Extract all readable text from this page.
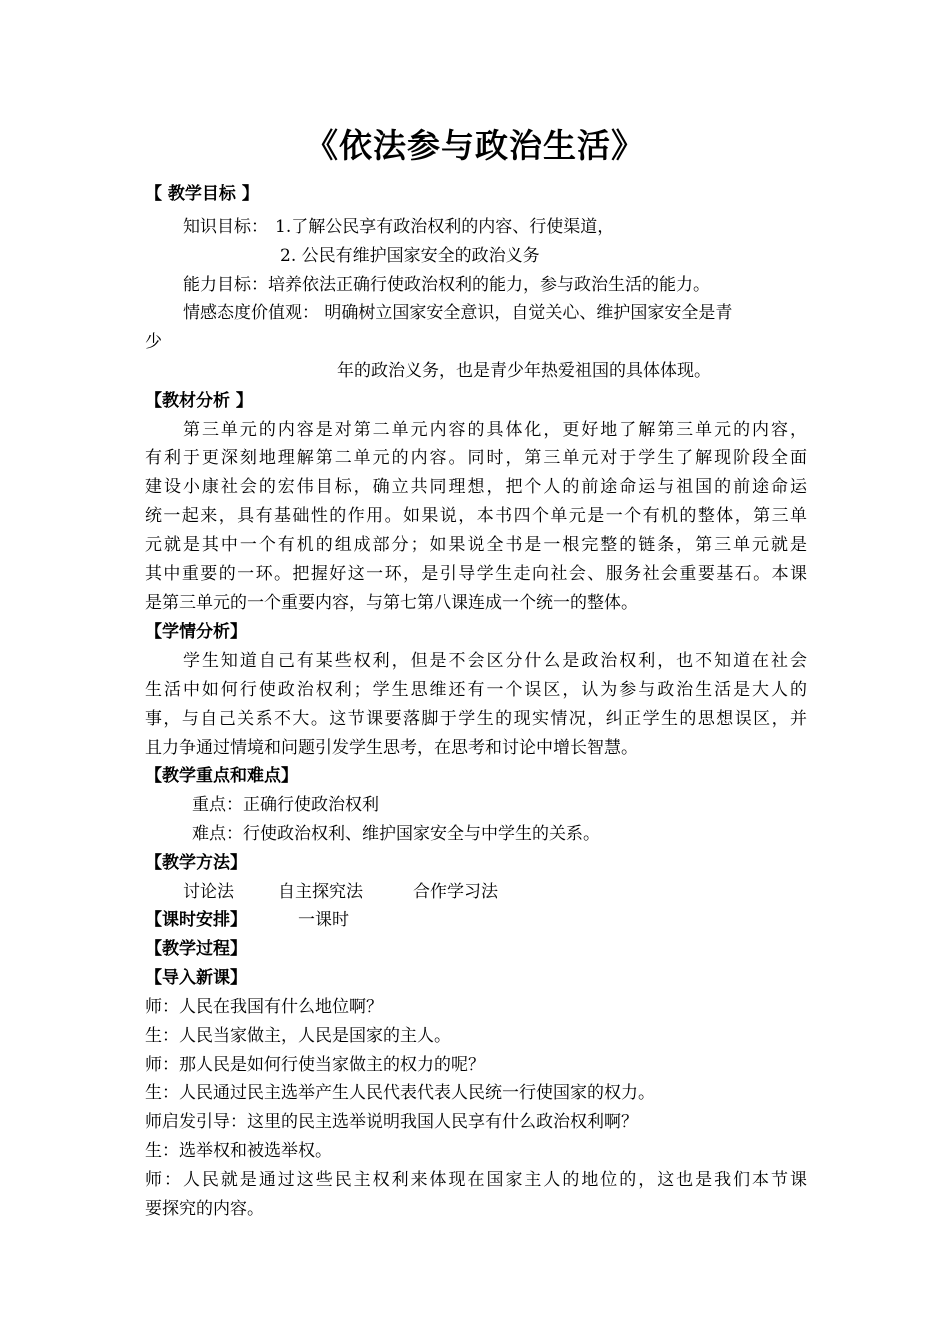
《依法参与政治生活》
【 教学目标 】
知识目标： 1.了解公民享有政治权利的内容、行使渠道，
2. 公民有维护国家安全的政治义务
能力目标：培养依法正确行使政治权利的能力，参与政治生活的能力。
情感态度价值观： 明确树立国家安全意识，自觉关心、维护国家安全是青
少
年的政治义务，也是青少年热爱祖国的具体体现。
【教材分析 】
第三单元的内容是对第二单元内容的具体化，更好地了解第三单元的内容，
有利于更深刻地理解第二单元的内容。同时，第三单元对于学生了解现阶段全面
建设小康社会的宏伟目标，确立共同理想，把个人的前途命运与祖国的前途命运
统一起来，具有基础性的作用。如果说，本书四个单元是一个有机的整体，第三单
元就是其中一个有机的组成部分；如果说全书是一根完整的链条，第三单元就是
其中重要的一环。把握好这一环，是引导学生走向社会、服务社会重要基石。本课
是第三单元的一个重要内容，与第七第八课连成一个统一的整体。
【学情分析】
学生知道自己有某些权利，但是不会区分什么是政治权利，也不知道在社会
生活中如何行使政治权利；学生思维还有一个误区，认为参与政治生活是大人的
事，与自己关系不大。这节课要落脚于学生的现实情况，纠正学生的思想误区，并
且力争通过情境和问题引发学生思考，在思考和讨论中增长智慧。
【教学重点和难点】
重点：正确行使政治权利
难点：行使政治权利、维护国家安全与中学生的关系。
【教学方法】
讨论法	自主探究法	合作学习法
【课时安排】	一课时
【教学过程】
【导入新课】
师：人民在我国有什么地位啊？
生：人民当家做主，人民是国家的主人。
师：那人民是如何行使当家做主的权力的呢？
生：人民通过民主选举产生人民代表代表人民统一行使国家的权力。
师启发引导：这里的民主选举说明我国人民享有什么政治权利啊？
生：选举权和被选举权。
师：人民就是通过这些民主权利来体现在国家主人的地位的，这也是我们本节课
要探究的内容。
